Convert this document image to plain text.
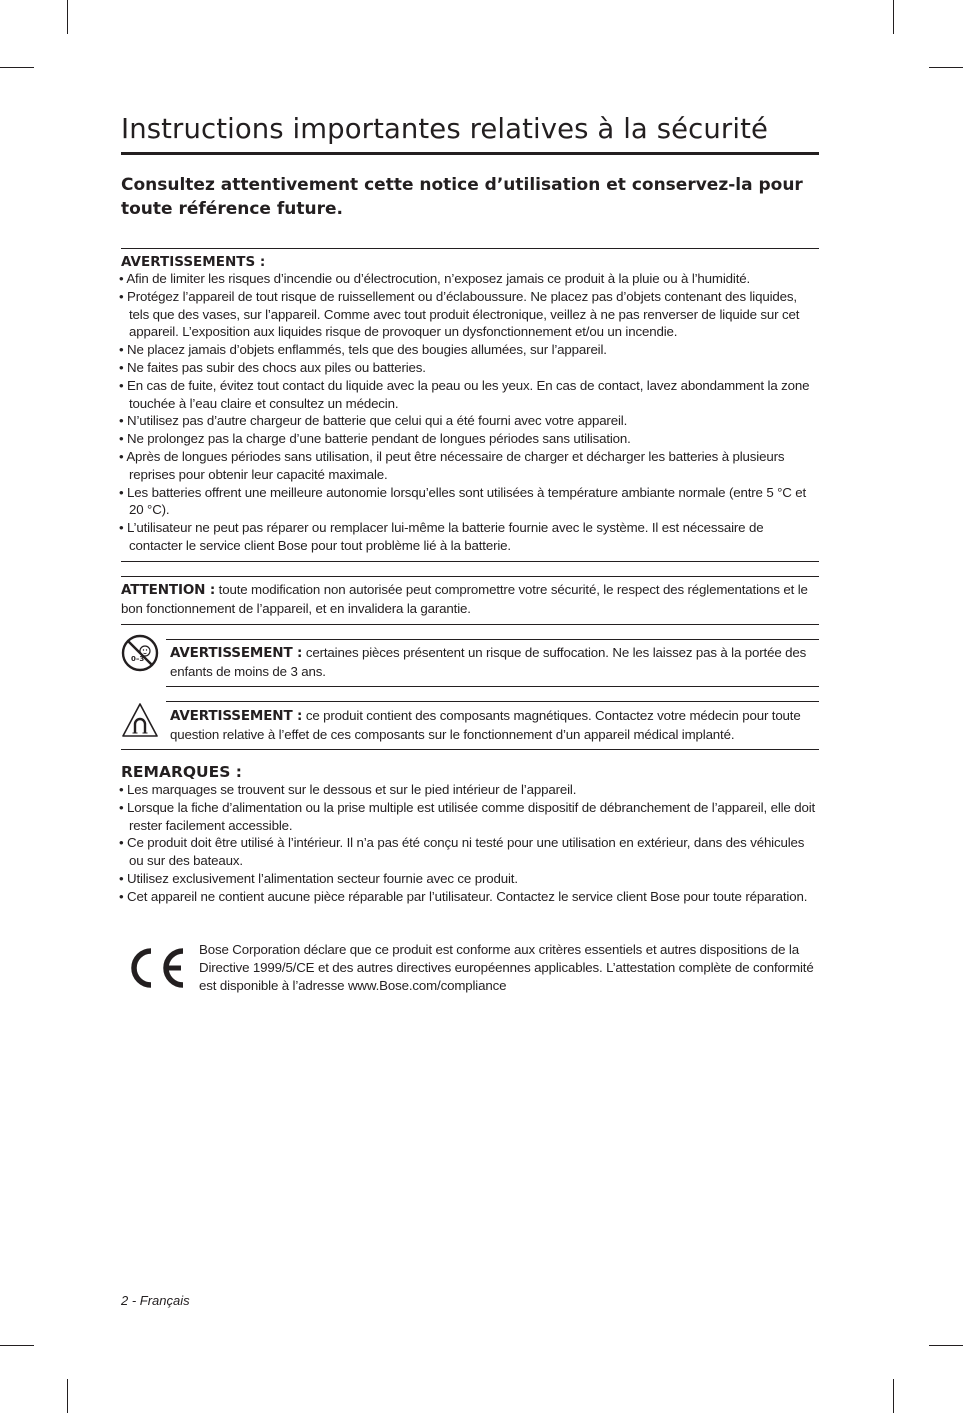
Instructions importantes relatives à la sécurité
Consultez attentivement cette notice d’utilisation et conservez-la pour toute référence future.
AVERTISSEMENTS :
• Afin de limiter les risques d’incendie ou d’électrocution, n’exposez jamais ce produit à la pluie ou à l’humidité.
• Protégez l’appareil de tout risque de ruissellement ou d’éclaboussure. Ne placez pas d’objets contenant des liquides, tels que des vases, sur l’appareil. Comme avec tout produit électronique, veillez à ne pas renverser de liquide sur cet appareil. L’exposition aux liquides risque de provoquer un dysfonctionnement et/ou un incendie.
• Ne placez jamais d’objets enflammés, tels que des bougies allumées, sur l’appareil.
• Ne faites pas subir des chocs aux piles ou batteries.
• En cas de fuite, évitez tout contact du liquide avec la peau ou les yeux. En cas de contact, lavez abondamment la zone touchée à l’eau claire et consultez un médecin.
• N’utilisez pas d’autre chargeur de batterie que celui qui a été fourni avec votre appareil.
• Ne prolongez pas la charge d’une batterie pendant de longues périodes sans utilisation.
• Après de longues périodes sans utilisation, il peut être nécessaire de charger et décharger les batteries à plusieurs reprises pour obtenir leur capacité maximale.
• Les batteries offrent une meilleure autonomie lorsqu’elles sont utilisées à température ambiante normale (entre 5 °C et 20 °C).
• L’utilisateur ne peut pas réparer ou remplacer lui-même la batterie fournie avec le système. Il est nécessaire de contacter le service client Bose pour tout problème lié à la batterie.
ATTENTION : toute modification non autorisée peut compromettre votre sécurité, le respect des réglementations et le bon fonctionnement de l’appareil, et en invalidera la garantie.
0–3 AVERTISSEMENT : certaines pièces présentent un risque de suffocation. Ne les laissez pas à la portée des enfants de moins de 3 ans.
AVERTISSEMENT : ce produit contient des composants magnétiques. Contactez votre médecin pour toute question relative à l’effet de ces composants sur le fonctionnement d’un appareil médical implanté.
REMARQUES :
• Les marquages se trouvent sur le dessous et sur le pied intérieur de l’appareil.
• Lorsque la fiche d’alimentation ou la prise multiple est utilisée comme dispositif de débranchement de l’appareil, elle doit rester facilement accessible.
• Ce produit doit être utilisé à l’intérieur. Il n’a pas été conçu ni testé pour une utilisation en extérieur, dans des véhicules ou sur des bateaux.
• Utilisez exclusivement l’alimentation secteur fournie avec ce produit.
• Cet appareil ne contient aucune pièce réparable par l’utilisateur. Contactez le service client Bose pour toute réparation.
Bose Corporation déclare que ce produit est conforme aux critères essentiels et autres dispositions de la Directive 1999/5/CE et des autres directives européennes applicables. L’attestation complète de conformité est disponible à l’adresse www.Bose.com/compliance
2 - Français
